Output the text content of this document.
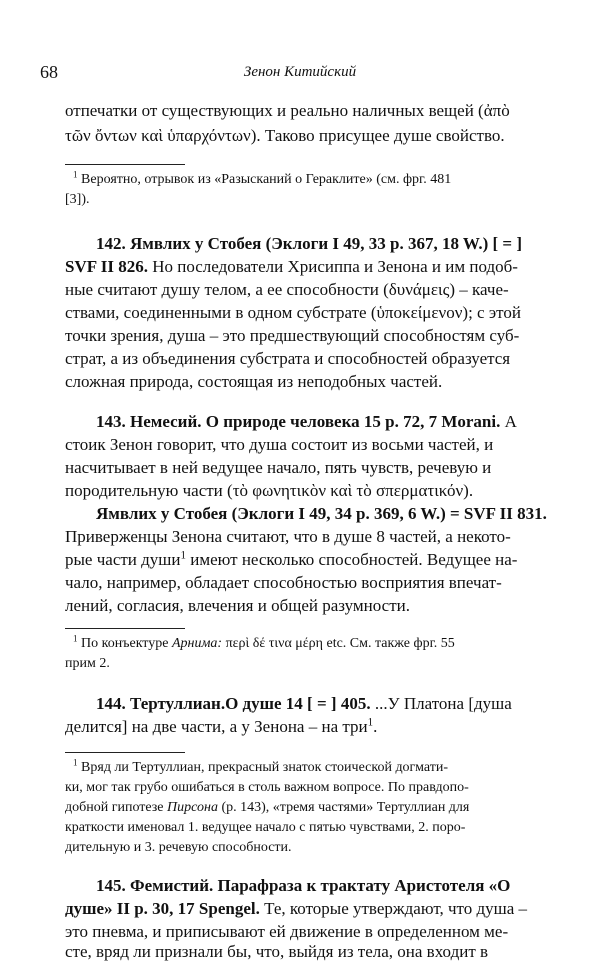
68	Зенон Китийский
отпечатки от существующих и реально наличных вещей (ἀπὸ
τῶν ὄντων καὶ ὑπαρχόντων). Таково присущее душе свойство.
$^1$ Вероятно, отрывок из «Разысканий о Гераклите» (см. фрг. 481
[3]).
142. Ямвлих у Стобея (Эклоги I 49, 33 p. 367, 18 W.) [ = ]
SVF II 826. Но последователи Хрисиппа и Зенона и им подоб-
ные считают душу телом, а ее способности (δυνάμεις) – каче-
ствами, соединенными в одном субстрате (ὑποκείμενον); с этой
точки зрения, душа – это предшествующий способностям суб-
страт, а из объединения субстрата и способностей образуется
сложная природа, состоящая из неподобных частей.
143. Немесий. О природе человека 15 p. 72, 7 Morani. А
стоик Зенон говорит, что душа состоит из восьми частей, и
насчитывает в ней ведущее начало, пять чувств, речевую и
породительную части (τὸ φωνητικὸν καὶ τὸ σπερματικόν).
Ямвлих у Стобея (Эклоги I 49, 34 p. 369, 6 W.) = SVF II 831.
Приверженцы Зенона считают, что в душе 8 частей, а некото-
рые части души$^1$ имеют несколько способностей. Ведущее на-
чало, например, обладает способностью восприятия впечат-
лений, согласия, влечения и общей разумности.
$^1$ По конъектуре Арнима: περὶ δέ τινα μέρη etc. См. также фрг. 55
прим 2.
144. Тертуллиан.О душе 14 [ = ] 405. ...У Платона [душа
делится] на две части, а у Зенона – на три$^1$.
$^1$ Вряд ли Тертуллиан, прекрасный знаток стоической догмати-
ки, мог так грубо ошибаться в столь важном вопросе. По правдопо-
добной гипотезе Пирсона (p. 143), «тремя частями» Тертуллиан для
краткости именовал 1. ведущее начало с пятью чувствами, 2. поро-
дительную и 3. речевую способности.
145. Фемистий. Парафраза к трактату Аристотеля «О
душе» II p. 30, 17 Spengel. Те, которые утверждают, что душа –
это пневма, и приписывают ей движение в определенном ме-
сте, вряд ли признали бы, что, выйдя из тела, она входит в
